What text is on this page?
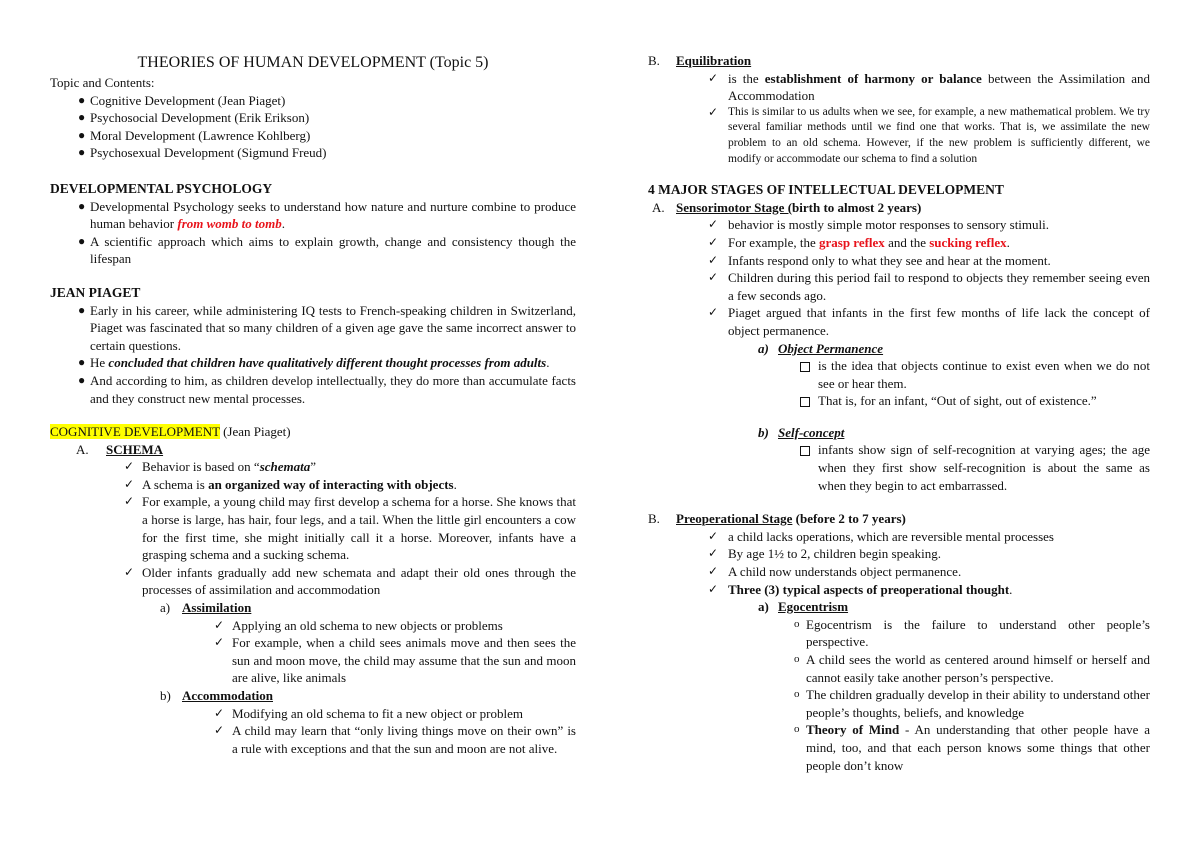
THEORIES OF HUMAN DEVELOPMENT (Topic 5)
Topic and Contents:
● Cognitive Development (Jean Piaget)
● Psychosocial Development (Erik Erikson)
● Moral Development (Lawrence Kohlberg)
● Psychosexual Development (Sigmund Freud)
DEVELOPMENTAL PSYCHOLOGY
● Developmental Psychology seeks to understand how nature and nurture combine to produce human behavior from womb to tomb.
● A scientific approach which aims to explain growth, change and consistency though the lifespan
JEAN PIAGET
● Early in his career, while administering IQ tests to French-speaking children in Switzerland, Piaget was fascinated that so many children of a given age gave the same incorrect answer to certain questions.
● He concluded that children have qualitatively different thought processes from adults.
● And according to him, as children develop intellectually, they do more than accumulate facts and they construct new mental processes.
COGNITIVE DEVELOPMENT (Jean Piaget)
A. SCHEMA
✓ Behavior is based on “schemata”
✓ A schema is an organized way of interacting with objects.
✓ For example, a young child may first develop a schema for a horse. She knows that a horse is large, has hair, four legs, and a tail. When the little girl encounters a cow for the first time, she might initially call it a horse. Moreover, infants have a grasping schema and a sucking schema.
✓ Older infants gradually add new schemata and adapt their old ones through the processes of assimilation and accommodation
a) Assimilation
✓ Applying an old schema to new objects or problems
✓ For example, when a child sees animals move and then sees the sun and moon move, the child may assume that the sun and moon are alive, like animals
b) Accommodation
✓ Modifying an old schema to fit a new object or problem
✓ A child may learn that “only living things move on their own” is a rule with exceptions and that the sun and moon are not alive.
B. Equilibration
✓ is the establishment of harmony or balance between the Assimilation and Accommodation
✓ This is similar to us adults when we see, for example, a new mathematical problem. We try several familiar methods until we find one that works. That is, we assimilate the new problem to an old schema. However, if the new problem is sufficiently different, we modify or accommodate our schema to find a solution
4 MAJOR STAGES OF INTELLECTUAL DEVELOPMENT
A. Sensorimotor Stage (birth to almost 2 years)
✓ behavior is mostly simple motor responses to sensory stimuli.
✓ For example, the grasp reflex and the sucking reflex.
✓ Infants respond only to what they see and hear at the moment.
✓ Children during this period fail to respond to objects they remember seeing even a few seconds ago.
✓ Piaget argued that infants in the first few months of life lack the concept of object permanence.
a) Object Permanence
is the idea that objects continue to exist even when we do not see or hear them.
That is, for an infant, “Out of sight, out of existence.”
b) Self-concept
infants show sign of self-recognition at varying ages; the age when they first show self-recognition is about the same as when they begin to act embarrassed.
B. Preoperational Stage (before 2 to 7 years)
✓ a child lacks operations, which are reversible mental processes
✓ By age 1½ to 2, children begin speaking.
✓ A child now understands object permanence.
✓ Three (3) typical aspects of preoperational thought.
a) Egocentrism
o Egocentrism is the failure to understand other people’s perspective.
o A child sees the world as centered around himself or herself and cannot easily take another person’s perspective.
o The children gradually develop in their ability to understand other people’s thoughts, beliefs, and knowledge
o Theory of Mind - An understanding that other people have a mind, too, and that each person knows some things that other people don’t know
